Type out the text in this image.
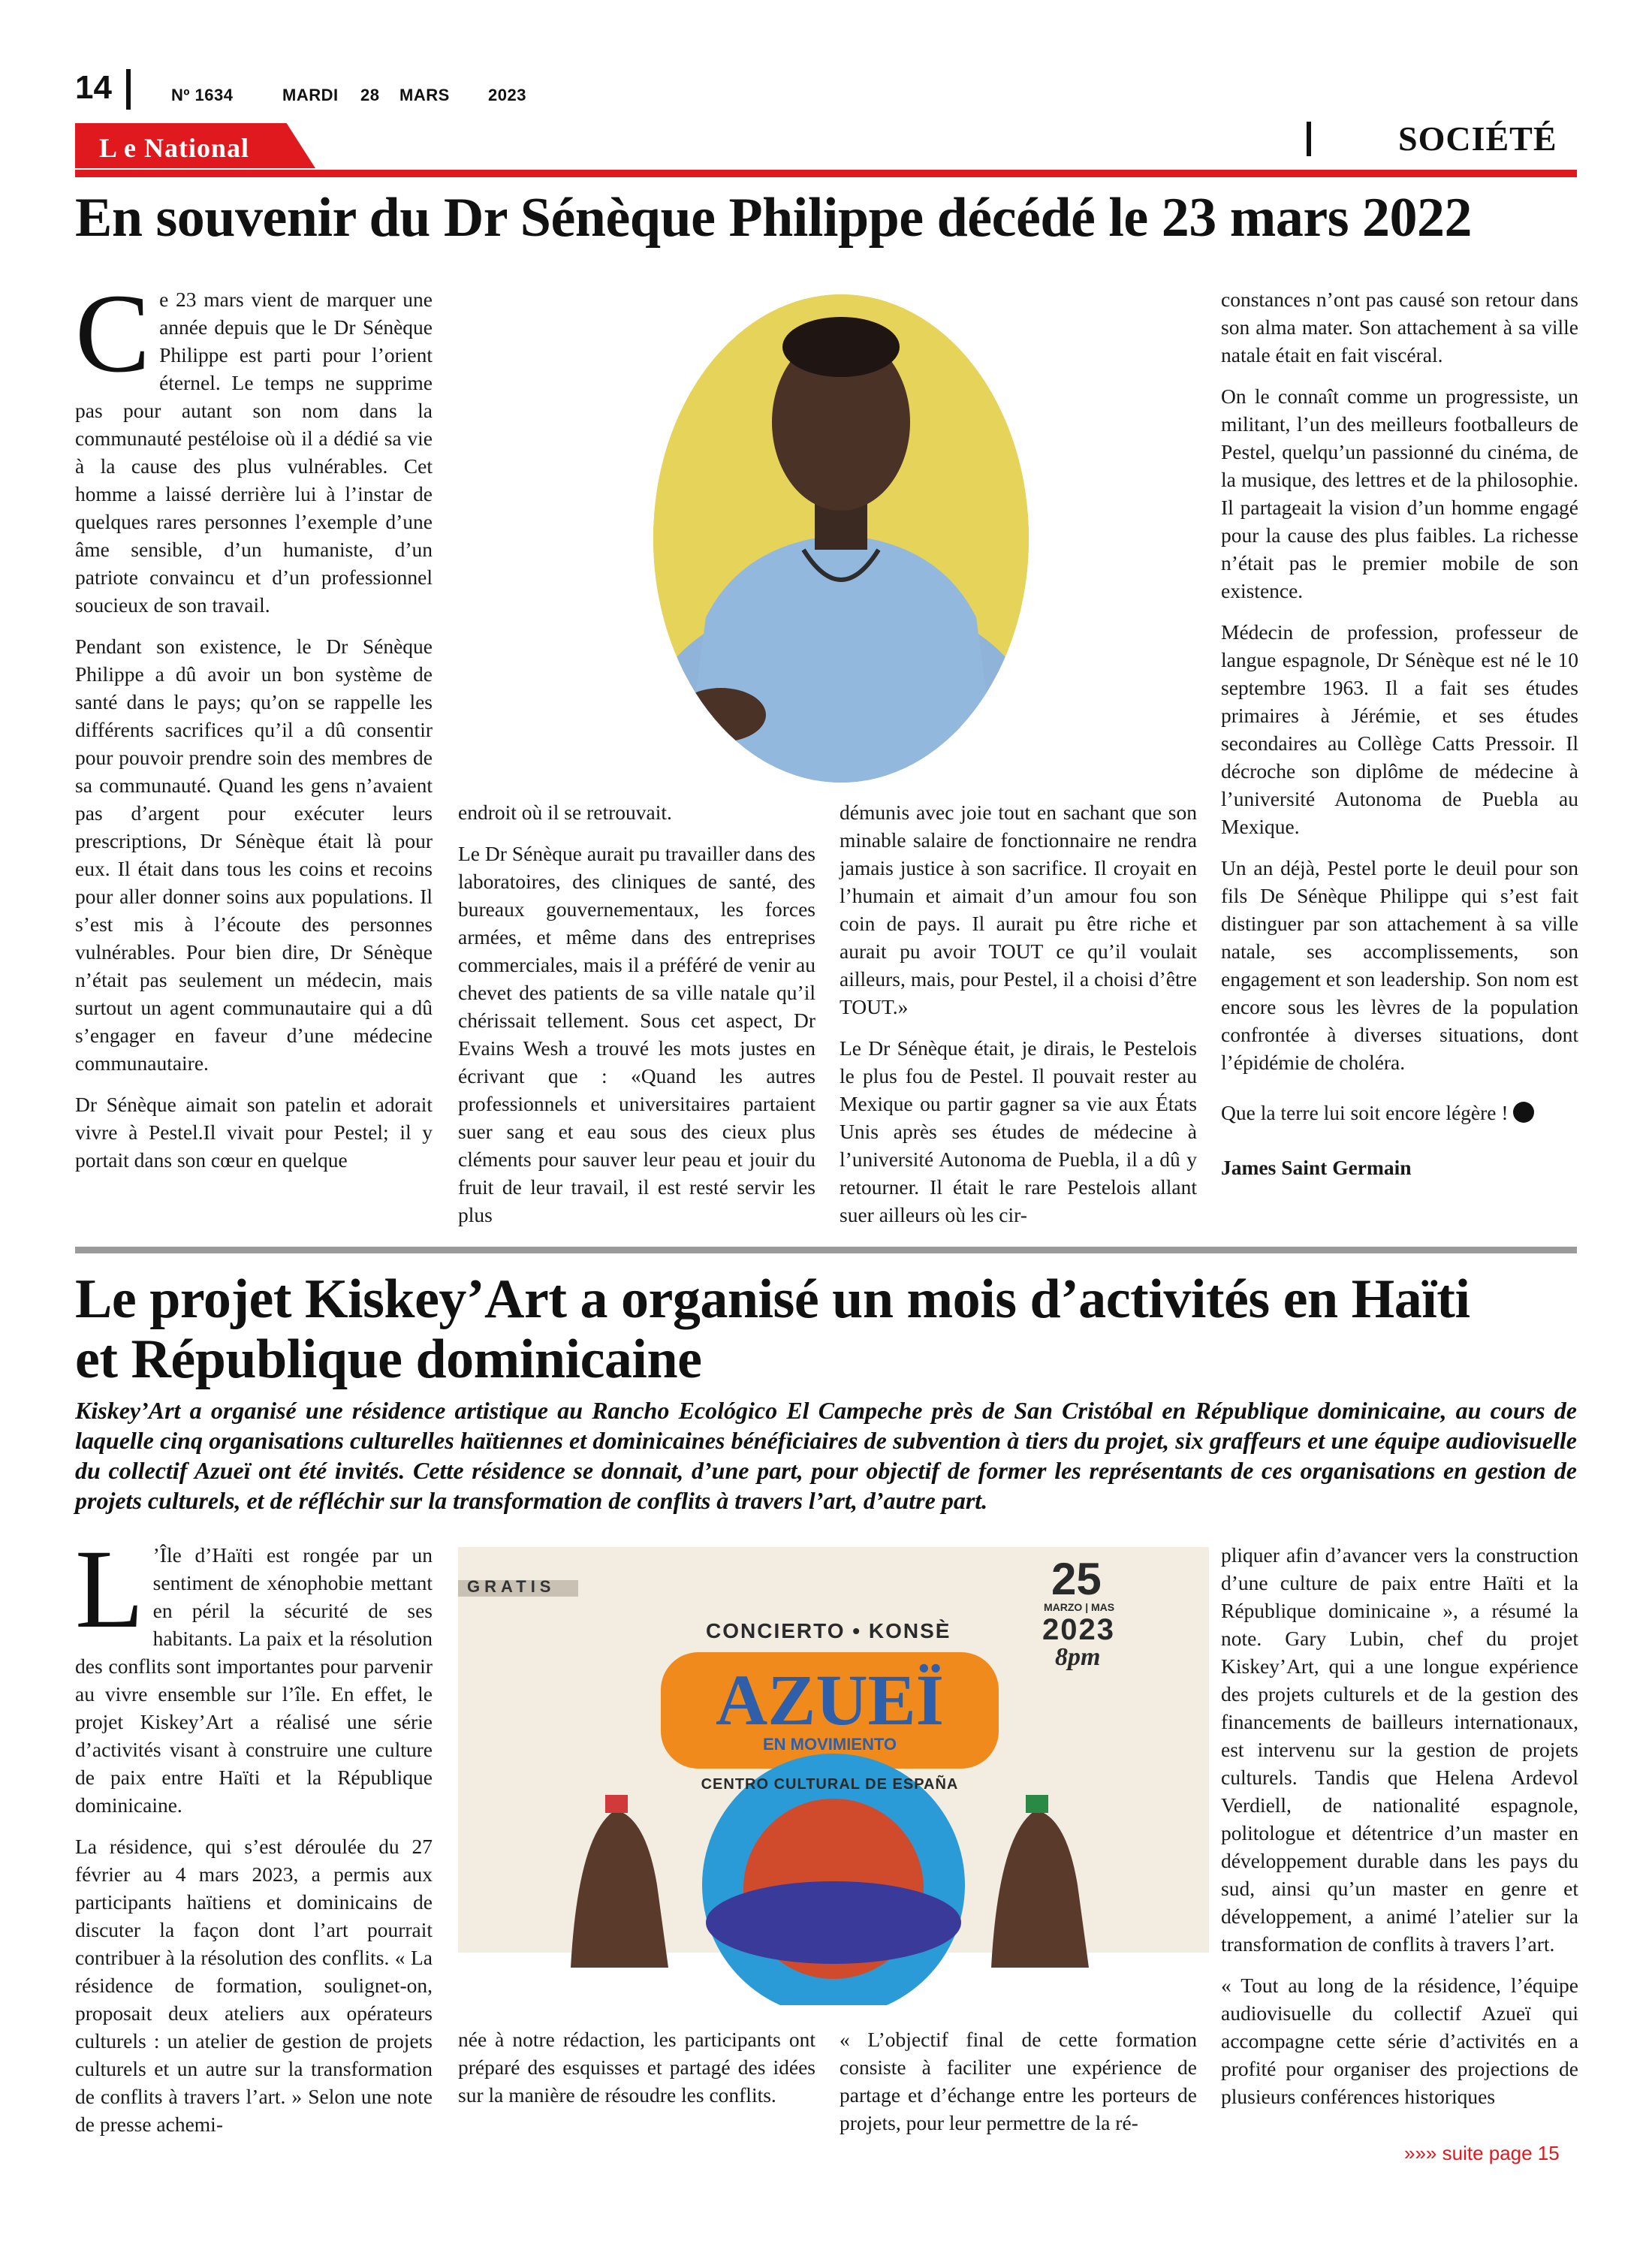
14	Nº 1634	MARDI 28 MARS 2023
L e National	SOCIÉTÉ
En souvenir du Dr Sénèque Philippe décédé le 23 mars 2022

Ce 23 mars vient de marquer une année depuis que le Dr Sénèque Philippe est parti pour l’orient éternel. Le temps ne supprime pas pour autant son nom dans la communauté pestéloise où il a dédié sa vie à la cause des plus vulnérables. Cet homme a laissé derrière lui à l’instar de quelques rares personnes l’exemple d’une âme sensible, d’un humaniste, d’un patriote convaincu et d’un professionnel soucieux de son travail.

Pendant son existence, le Dr Sénèque Philippe a dû avoir un bon système de santé dans le pays; qu’on se rappelle les différents sacrifices qu’il a dû consentir pour pouvoir prendre soin des membres de sa communauté. Quand les gens n’avaient pas d’argent pour exécuter leurs prescriptions, Dr Sénèque était là pour eux. Il était dans tous les coins et recoins pour aller donner soins aux populations. Il s’est mis à l’écoute des personnes vulnérables. Pour bien dire, Dr Sénèque n’était pas seulement un médecin, mais surtout un agent communautaire qui a dû s’engager en faveur d’une médecine communautaire.

Dr Sénèque aimait son patelin et adorait vivre à Pestel.Il vivait pour Pestel; il y portait dans son cœur en quelque

endroit où il se retrouvait.

Le Dr Sénèque aurait pu travailler dans des laboratoires, des cliniques de santé, des bureaux gouvernementaux, les forces armées, et même dans des entreprises commerciales, mais il a préféré de venir au chevet des patients de sa ville natale qu’il chérissait tellement. Sous cet aspect, Dr Evains Wesh a trouvé les mots justes en écrivant que : «Quand les autres professionnels et universitaires partaient suer sang et eau sous des cieux plus cléments pour sauver leur peau et jouir du fruit de leur travail, il est resté servir les plus

démunis avec joie tout en sachant que son minable salaire de fonctionnaire ne rendra jamais justice à son sacrifice. Il croyait en l’humain et aimait d’un amour fou son coin de pays. Il aurait pu être riche et aurait pu avoir TOUT ce qu’il voulait ailleurs, mais, pour Pestel, il a choisi d’être TOUT.»

Le Dr Sénèque était, je dirais, le Pestelois le plus fou de Pestel. Il pouvait rester au Mexique ou partir gagner sa vie aux États Unis après ses études de médecine à l’université Autonoma de Puebla, il a dû y retourner. Il était le rare Pestelois allant suer ailleurs où les cir-

constances n’ont pas causé son retour dans son alma mater. Son attachement à sa ville natale était en fait viscéral.

On le connaît comme un progressiste, un militant, l’un des meilleurs footballeurs de Pestel, quelqu’un passionné du cinéma, de la musique, des lettres et de la philosophie. Il partageait la vision d’un homme engagé pour la cause des plus faibles. La richesse n’était pas le premier mobile de son existence.

Médecin de profession, professeur de langue espagnole, Dr Sénèque est né le 10 septembre 1963. Il a fait ses études primaires à Jérémie, et ses études secondaires au Collège Catts Pressoir. Il décroche son diplôme de médecine à l’université Autonoma de Puebla au Mexique.

Un an déjà, Pestel porte le deuil pour son fils De Sénèque Philippe qui s’est fait distinguer par son attachement à sa ville natale, ses accomplissements, son engagement et son leadership. Son nom est encore sous les lèvres de la population confrontée à diverses situations, dont l’épidémie de choléra.

Que la terre lui soit encore légère !

James Saint Germain

Le projet Kiskey’Art a organisé un mois d’activités en Haïti
et République dominicaine
Kiskey’Art a organisé une résidence artistique au Rancho Ecológico El Campeche près de San Cristóbal en République dominicaine, au cours de laquelle cinq organisations culturelles haïtiennes et dominicaines bénéficiaires de subvention à tiers du projet, six graffeurs et une équipe audiovisuelle du collectif Azueï ont été invités. Cette résidence se donnait, d’une part, pour objectif de former les représentants de ces organisations en gestion de projets culturels, et de réfléchir sur la transformation de conflits à travers l’art, d’autre part.

L ’Île d’Haïti est rongée par un sentiment de xénophobie mettant en péril la sécurité de ses habitants. La paix et la résolution des conflits sont importantes pour parvenir au vivre ensemble sur l’île. En effet, le projet Kiskey’Art a réalisé une série d’activités visant à construire une culture de paix entre Haïti et la République dominicaine.

La résidence, qui s’est déroulée du 27 février au 4 mars 2023, a permis aux participants haïtiens et dominicains de discuter la façon dont l’art pourrait contribuer à la résolution des conflits. « La résidence de formation, soulignet-on, proposait deux ateliers aux opérateurs culturels : un atelier de gestion de projets culturels et un autre sur la transformation de conflits à travers l’art. » Selon une note de presse achemi-

GRATIS	25
MARZO | MAS
2023
8pm
CONCIERTO • KONSÈ
AZUEÏ
EN MOVIMIENTO
CENTRO CULTURAL DE ESPAÑA

née à notre rédaction, les participants ont préparé des esquisses et partagé des idées sur la manière de résoudre les conflits.

« L’objectif final de cette formation consiste à faciliter une expérience de partage et d’échange entre les porteurs de projets, pour leur permettre de la ré-

pliquer afin d’avancer vers la construction d’une culture de paix entre Haïti et la République dominicaine », a résumé la note. Gary Lubin, chef du projet Kiskey’Art, qui a une longue expérience des projets culturels et de la gestion des financements de bailleurs internationaux, est intervenu sur la gestion de projets culturels. Tandis que Helena Ardevol Verdiell, de nationalité espagnole, politologue et détentrice d’un master en développement durable dans les pays du sud, ainsi qu’un master en genre et développement, a animé l’atelier sur la transformation de conflits à travers l’art.

« Tout au long de la résidence, l’équipe audiovisuelle du collectif Azueï qui accompagne cette série d’activités en a profité pour organiser des projections de plusieurs conférences historiques

»»» suite page 15
